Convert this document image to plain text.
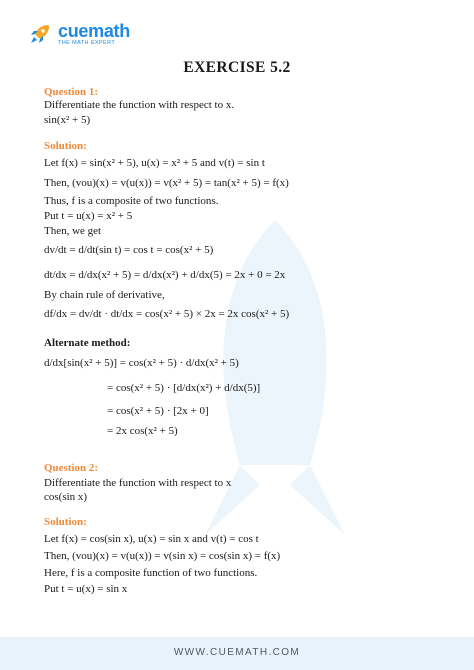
cuemath
THE MATH EXPERT
EXERCISE 5.2
Question 1:
Differentiate the function with respect to x.
sin(x² + 5)
Solution:
Let f(x) = sin(x² + 5), u(x) = x² + 5 and v(t) = sin t
Then, (vou)(x) = v(u(x)) = v(x² + 5) = tan(x² + 5) = f(x)
Thus, f is a composite of two functions.
Put t = u(x) = x² + 5
Then, we get
dv/dt = d/dt(sin t) = cos t = cos(x² + 5)
dt/dx = d/dx(x² + 5) = d/dx(x²) + d/dx(5) = 2x + 0 = 2x
By chain rule of derivative,
df/dx = dv/dt · dt/dx = cos(x² + 5) × 2x = 2x cos(x² + 5)
Alternate method:
d/dx[sin(x² + 5)] = cos(x² + 5) · d/dx(x² + 5)
= cos(x² + 5) · [d/dx(x²) + d/dx(5)]
= cos(x² + 5) · [2x + 0]
= 2x cos(x² + 5)
Question 2:
Differentiate the function with respect to x
cos(sin x)
Solution:
Let f(x) = cos(sin x), u(x) = sin x and v(t) = cos t
Then, (vou)(x) = v(u(x)) = v(sin x) = cos(sin x) = f(x)
Here, f is a composite function of two functions.
Put t = u(x) = sin x
WWW.CUEMATH.COM
